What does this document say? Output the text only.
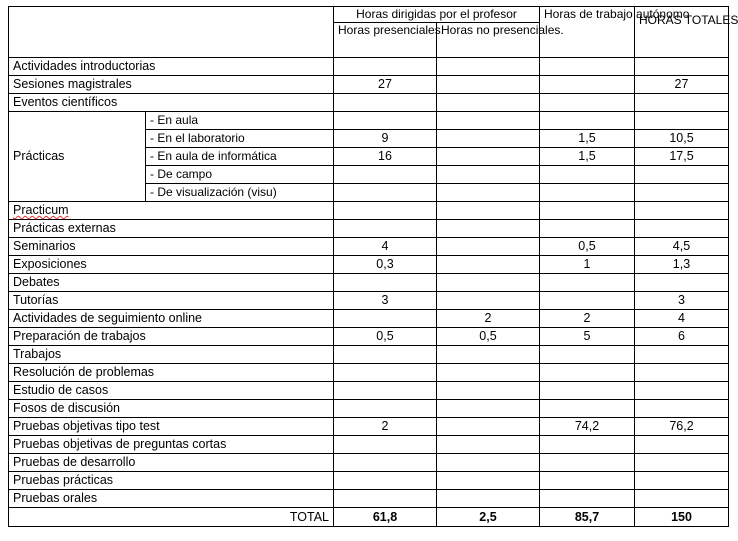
		Horas dirigidas por el profesor		Horas de trabajo autónomo	HORAS TOTALES
		Horas presenciales.	Horas no presenciales.		
Actividades introductorias					
Sesiones magistrales		27			27
Eventos científicos					
Prácticas	- En aula				
	- En el laboratorio	9		1,5	10,5
	- En aula de informática	16		1,5	17,5
	- De campo				
	- De visualización (visu)				
Practicum					
Prácticas externas					
Seminarios		4		0,5	4,5
Exposiciones		0,3		1	1,3
Debates					
Tutorías		3			3
Actividades de seguimiento online			2	2	4
Preparación de trabajos		0,5	0,5	5	6
Trabajos					
Resolución de problemas					
Estudio de casos					
Fosos de discusión					
Pruebas objetivas tipo test		2		74,2	76,2
Pruebas objetivas de preguntas cortas					
Pruebas de desarrollo					
Pruebas prácticas					
Pruebas orales					
TOTAL		61,8	2,5	85,7	150
